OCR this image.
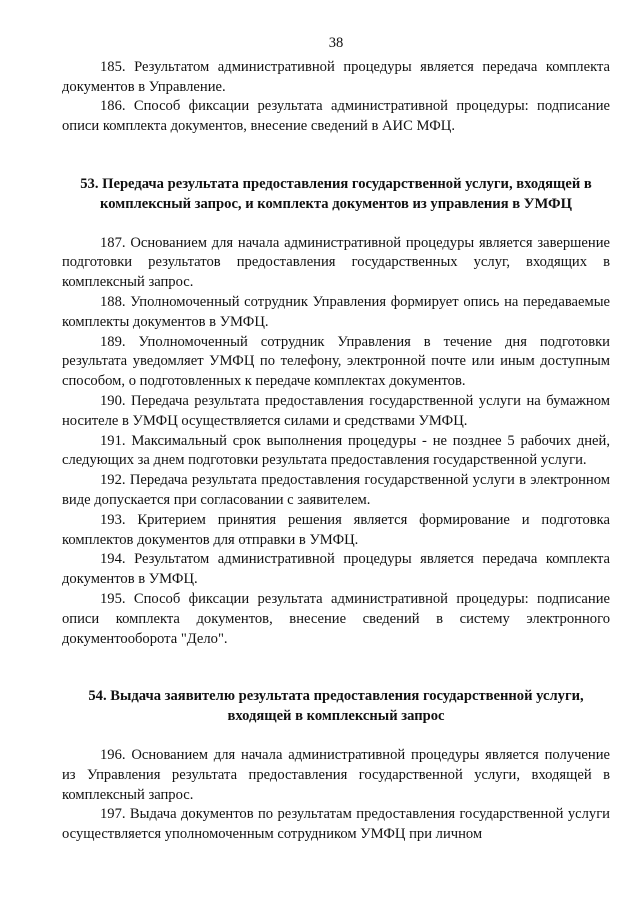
38

185. Результатом административной процедуры является передача комплекта документов в Управление.

186. Способ фиксации результата административной процедуры: подписание описи комплекта документов, внесение сведений в АИС МФЦ.

53. Передача результата предоставления государственной услуги, входящей в комплексный запрос, и комплекта документов из управления в УМФЦ

187. Основанием для начала административной процедуры является завершение подготовки результатов предоставления государственных услуг, входящих в комплексный запрос.

188. Уполномоченный сотрудник Управления формирует опись на передаваемые комплекты документов в УМФЦ.

189. Уполномоченный сотрудник Управления в течение дня подготовки результата уведомляет УМФЦ по телефону, электронной почте или иным доступным способом, о подготовленных к передаче комплектах документов.

190. Передача результата предоставления государственной услуги на бумажном носителе в УМФЦ осуществляется силами и средствами УМФЦ.

191. Максимальный срок выполнения процедуры - не позднее 5 рабочих дней, следующих за днем подготовки результата предоставления государственной услуги.

192. Передача результата предоставления государственной услуги в электронном виде допускается при согласовании с заявителем.

193. Критерием принятия решения является формирование и подготовка комплектов документов для отправки в УМФЦ.

194. Результатом административной процедуры является передача комплекта документов в УМФЦ.

195. Способ фиксации результата административной процедуры: подписание описи комплекта документов, внесение сведений в систему электронного документооборота "Дело".

54. Выдача заявителю результата предоставления государственной услуги, входящей в комплексный запрос

196. Основанием для начала административной процедуры является получение из Управления результата предоставления государственной услуги, входящей в комплексный запрос.

197. Выдача документов по результатам предоставления государственной услуги осуществляется уполномоченным сотрудником УМФЦ при личном
